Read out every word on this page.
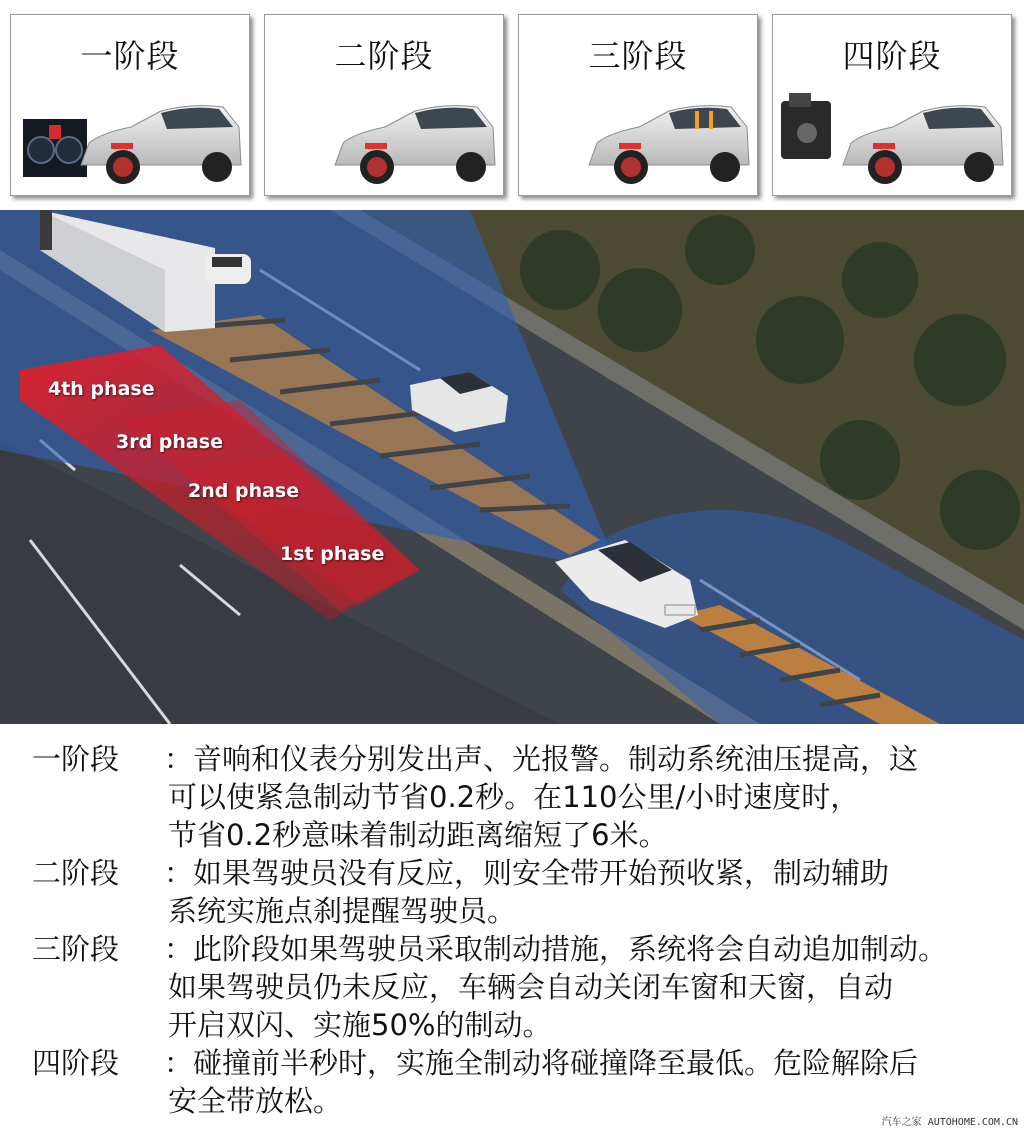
一阶段	二阶段	三阶段	四阶段
4th phase
3rd phase
2nd phase
1st phase
一阶段 ：音响和仪表分别发出声、光报警。制动系统油压提高，这
可以使紧急制动节省0.2秒。在110公里/小时速度时，
节省0.2秒意味着制动距离缩短了6米。
二阶段 ：如果驾驶员没有反应，则安全带开始预收紧，制动辅助
系统实施点刹提醒驾驶员。
三阶段 ：此阶段如果驾驶员采取制动措施，系统将会自动追加制动。
如果驾驶员仍未反应，车辆会自动关闭车窗和天窗，自动
开启双闪、实施50%的制动。
四阶段 ：碰撞前半秒时，实施全制动将碰撞降至最低。危险解除后
安全带放松。
汽车之家 AUTOHOME.COM.CN
